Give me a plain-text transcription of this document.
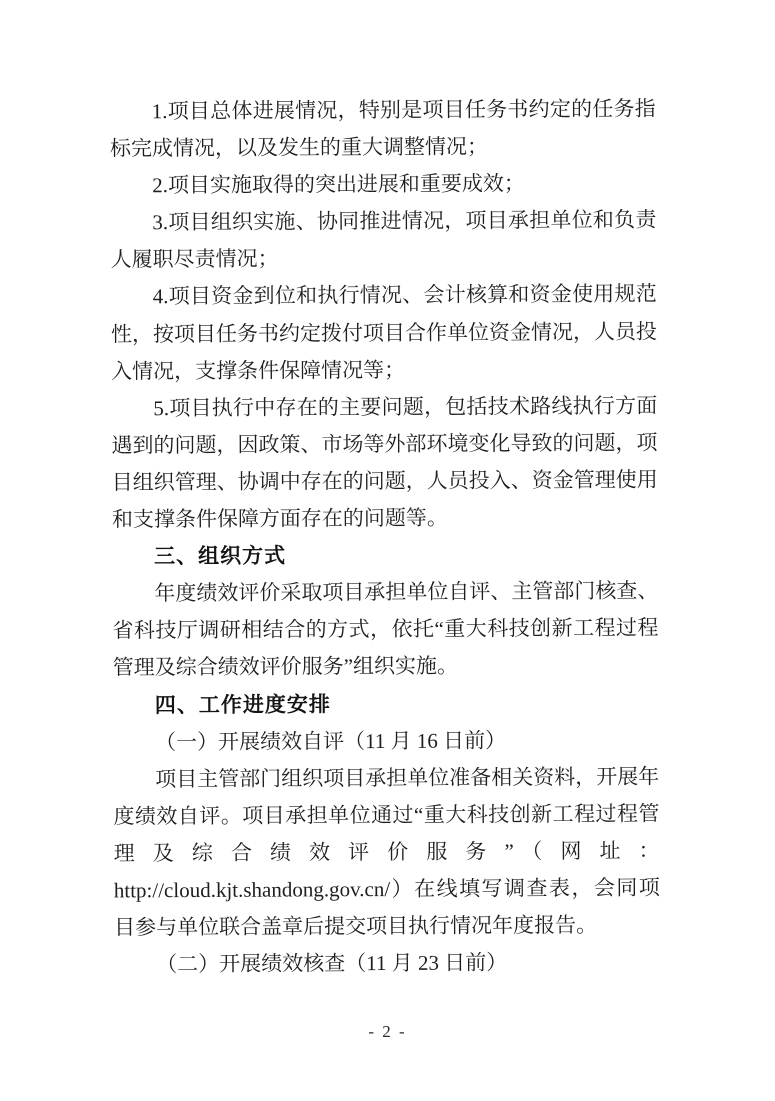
1.项目总体进展情况，特别是项目任务书约定的任务指
标完成情况，以及发生的重大调整情况；
2.项目实施取得的突出进展和重要成效；
3.项目组织实施、协同推进情况，项目承担单位和负责
人履职尽责情况；
4.项目资金到位和执行情况、会计核算和资金使用规范
性，按项目任务书约定拨付项目合作单位资金情况，人员投
入情况，支撑条件保障情况等；
5.项目执行中存在的主要问题，包括技术路线执行方面
遇到的问题，因政策、市场等外部环境变化导致的问题，项
目组织管理、协调中存在的问题，人员投入、资金管理使用
和支撑条件保障方面存在的问题等。
三、组织方式
年度绩效评价采取项目承担单位自评、主管部门核查、
省科技厅调研相结合的方式，依托“重大科技创新工程过程
管理及综合绩效评价服务”组织实施。
四、工作进度安排
（一）开展绩效自评（11 月 16 日前）
项目主管部门组织项目承担单位准备相关资料，开展年
度绩效自评。项目承担单位通过“重大科技创新工程过程管
理及综合绩效评价服务”（网址：
http://cloud.kjt.shandong.gov.cn/）在线填写调查表，会同项
目参与单位联合盖章后提交项目执行情况年度报告。
（二）开展绩效核查（11 月 23 日前）
- 2 -
